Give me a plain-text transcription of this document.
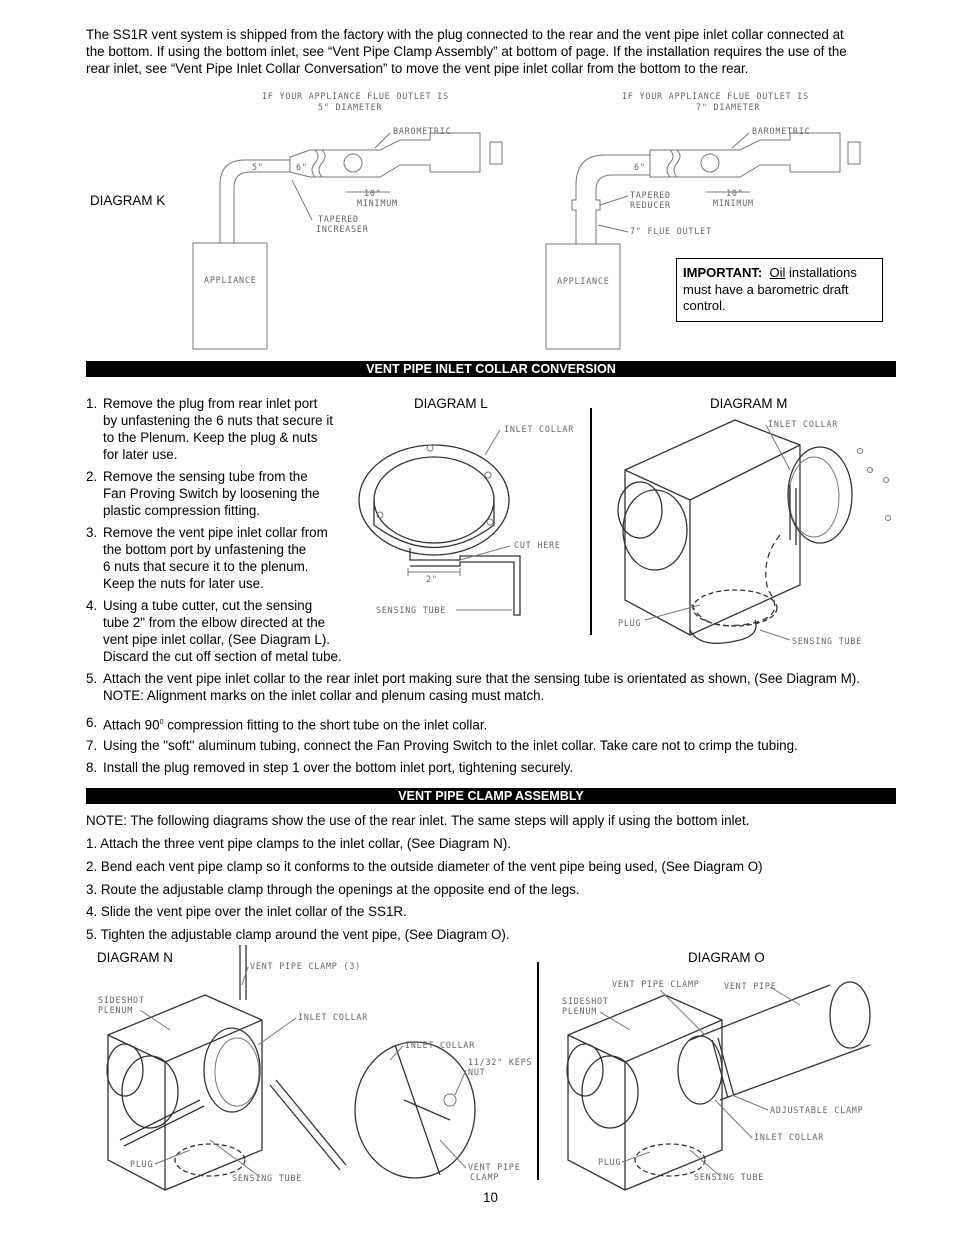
The SS1R vent system is shipped from the factory with the plug connected to the rear and the vent pipe inlet collar connected at
the bottom. If using the bottom inlet, see “Vent Pipe Clamp Assembly” at bottom of page. If the installation requires the use of the
rear inlet, see “Vent Pipe Inlet Collar Conversation” to move the vent pipe inlet collar from the bottom to the rear.
DIAGRAM K
IF YOUR APPLIANCE FLUE OUTLET IS
5" DIAMETER
IF YOUR APPLIANCE FLUE OUTLET IS
7" DIAMETER
APPLIANCE
5"	6"
BAROMETRIC
10"
MINIMUM
TAPERED
INCREASER
APPLIANCE
6"
BAROMETRIC
10"
MINIMUM
TAPERED
REDUCER
7" FLUE OUTLET
IMPORTANT: Oil installations
must have a barometric draft
control.
VENT PIPE INLET COLLAR CONVERSION
1. Remove the plug from rear inlet port
by unfastening the 6 nuts that secure it
to the Plenum. Keep the plug & nuts
for later use.
2. Remove the sensing tube from the
Fan Proving Switch by loosening the
plastic compression fitting.
3. Remove the vent pipe inlet collar from
the bottom port by unfastening the
6 nuts that secure it to the plenum.
Keep the nuts for later use.
4. Using a tube cutter, cut the sensing
tube 2" from the elbow directed at the
vent pipe inlet collar, (See Diagram L).
Discard the cut off section of metal tube.
DIAGRAM L	DIAGRAM M
INLET COLLAR
CUT HERE
2"
SENSING TUBE
INLET COLLAR
PLUG
SENSING TUBE
5. Attach the vent pipe inlet collar to the rear inlet port making sure that the sensing tube is orientated as shown, (See Diagram M).
NOTE: Alignment marks on the inlet collar and plenum casing must match.
6. Attach $90^0$ compression fitting to the short tube on the inlet collar.
7. Using the "soft" aluminum tubing, connect the Fan Proving Switch to the inlet collar. Take care not to crimp the tubing.
8. Install the plug removed in step 1 over the bottom inlet port, tightening securely.
VENT PIPE CLAMP ASSEMBLY
NOTE: The following diagrams show the use of the rear inlet. The same steps will apply if using the bottom inlet.
1. Attach the three vent pipe clamps to the inlet collar, (See Diagram N).
2. Bend each vent pipe clamp so it conforms to the outside diameter of the vent pipe being used, (See Diagram O)
3. Route the adjustable clamp through the openings at the opposite end of the legs.
4. Slide the vent pipe over the inlet collar of the SS1R.
5. Tighten the adjustable clamp around the vent pipe, (See Diagram O).
DIAGRAM N	DIAGRAM O
VENT PIPE CLAMP (3)
SIDESHOT
PLENUM
INLET COLLAR
INLET COLLAR
11/32" KEPS
NUT
PLUG
SENSING TUBE
VENT PIPE
CLAMP
VENT PIPE CLAMP	VENT PIPE
SIDESHOT
PLENUM
ADJUSTABLE CLAMP
INLET COLLAR
PLUG
SENSING TUBE
10
